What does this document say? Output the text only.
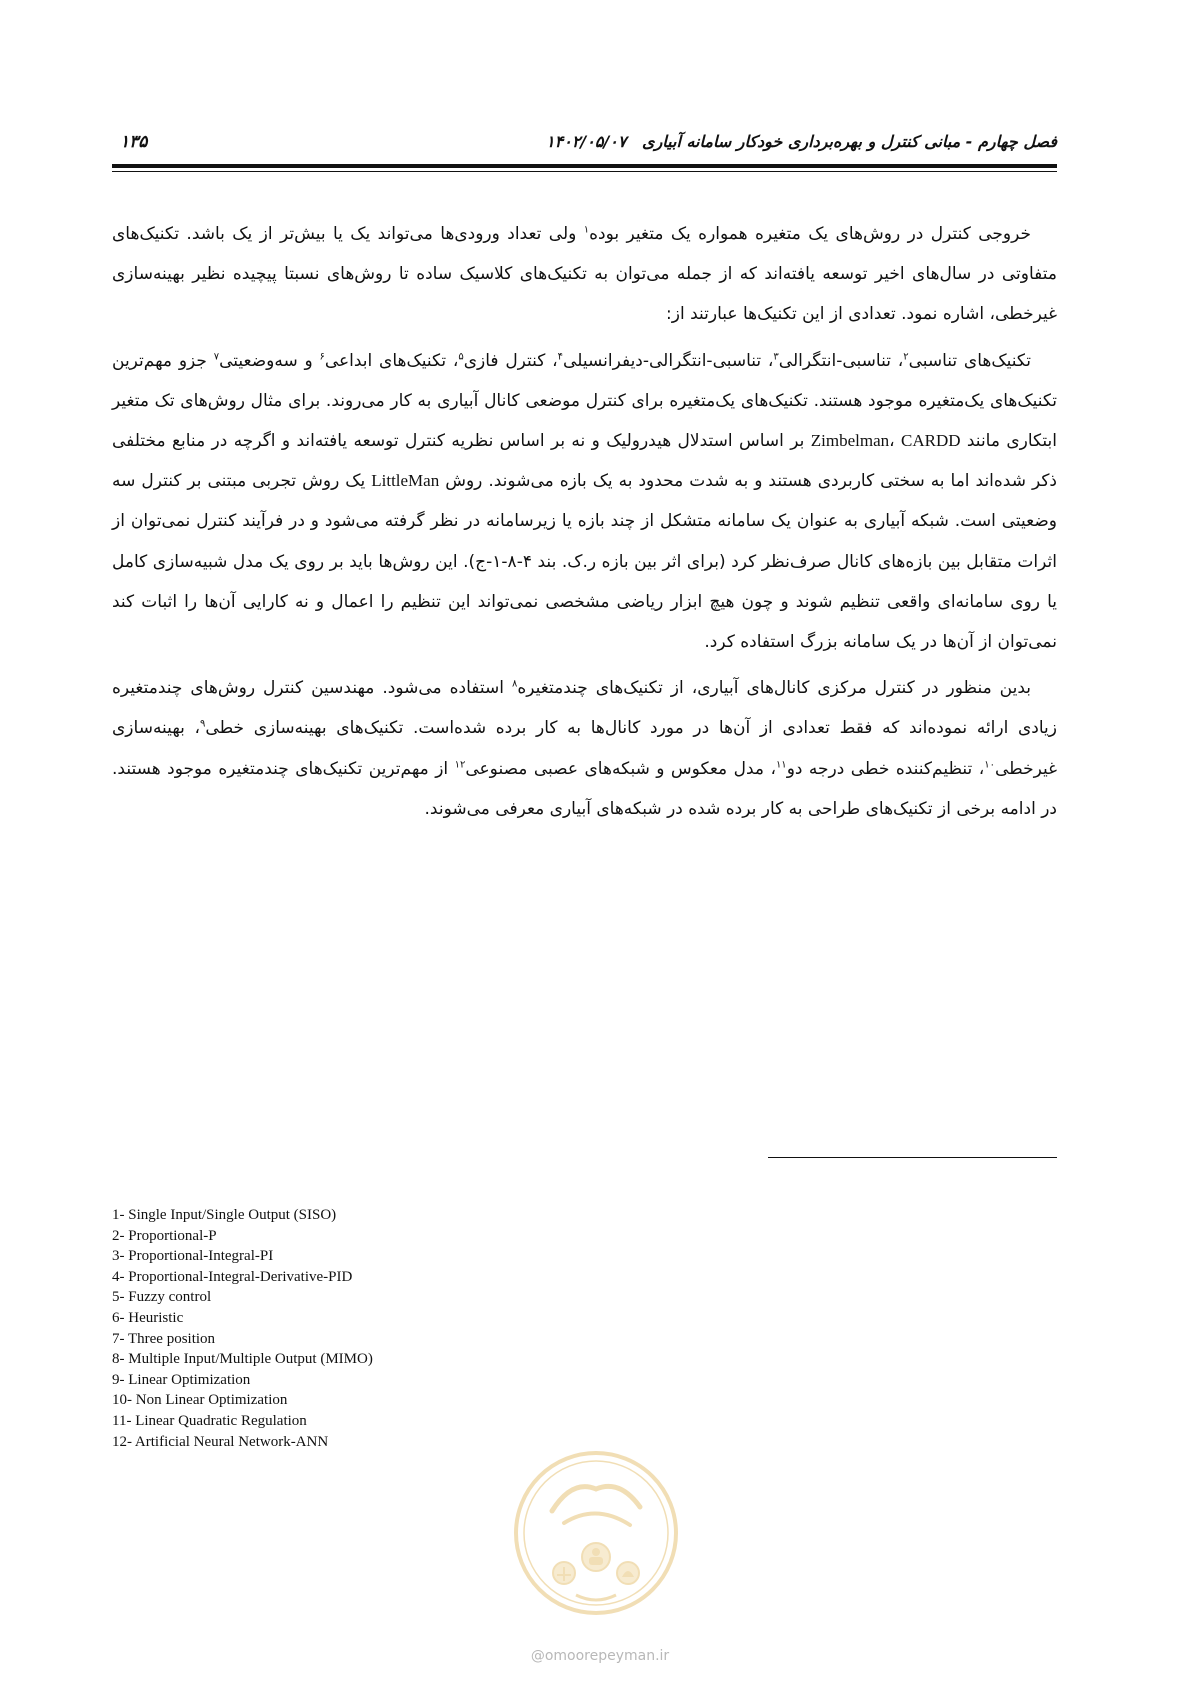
فصل چهارم - مبانی کنترل و بهره‌برداری خودکار سامانه آبیاری ۱۴۰۲/۰۵/۰۷
۱۳۵

خروجی کنترل در روش‌های یک متغیره همواره یک متغیر بوده$^۱$ ولی تعداد ورودی‌ها می‌تواند یک یا بیش‌تر از یک باشد. تکنیک‌های متفاوتی در سال‌های اخیر توسعه یافته‌اند که از جمله می‌توان به تکنیک‌های کلاسیک ساده تا روش‌های نسبتا پیچیده نظیر بهینه‌سازی غیرخطی، اشاره نمود. تعدادی از این تکنیک‌ها عبارتند از:

تکنیک‌های تناسبی$^۲$، تناسبی-انتگرالی$^۳$، تناسبی-انتگرالی-دیفرانسیلی$^۴$، کنترل فازی$^۵$، تکنیک‌های ابداعی$^۶$ و سه‌وضعیتی$^۷$ جزو مهم‌ترین تکنیک‌های یک‌متغیره موجود هستند. تکنیک‌های یک‌متغیره برای کنترل موضعی کانال آبیاری به کار می‌روند. برای مثال روش‌های تک متغیر ابتکاری مانند Zimbelman، CARDD بر اساس استدلال هیدرولیک و نه بر اساس نظریه کنترل توسعه یافته‌اند و اگرچه در منابع مختلفی ذکر شده‌اند اما به سختی کاربردی هستند و به شدت محدود به یک بازه می‌شوند. روش LittleMan یک روش تجربی مبتنی بر کنترل سه وضعیتی است. شبکه آبیاری به عنوان یک سامانه متشکل از چند بازه یا زیرسامانه در نظر گرفته می‌شود و در فرآیند کنترل نمی‌توان از اثرات متقابل بین بازه‌های کانال صرف‌نظر کرد (برای اثر بین بازه ر.ک. بند ۴-۸-۱-ج). این روش‌ها باید بر روی یک مدل شبیه‌سازی کامل یا روی سامانه‌ای واقعی تنظیم شوند و چون هیچ ابزار ریاضی مشخصی نمی‌تواند این تنظیم را اعمال و نه کارایی آن‌ها را اثبات کند نمی‌توان از آن‌ها در یک سامانه بزرگ استفاده کرد.

بدین منظور در کنترل مرکزی کانال‌های آبیاری، از تکنیک‌های چندمتغیره$^۸$ استفاده می‌شود. مهندسین کنترل روش‌های چندمتغیره زیادی ارائه نموده‌اند که فقط تعدادی از آن‌ها در مورد کانال‌ها به کار برده شده‌است. تکنیک‌های بهینه‌سازی خطی$^۹$، بهینه‌سازی غیرخطی$^{۱۰}$، تنظیم‌کننده خطی درجه دو$^{۱۱}$، مدل معکوس و شبکه‌های عصبی مصنوعی$^{۱۲}$ از مهم‌ترین تکنیک‌های چندمتغیره موجود هستند. در ادامه برخی از تکنیک‌های طراحی به کار برده شده در شبکه‌های آبیاری معرفی می‌شوند.

1- Single Input/Single Output (SISO)
2- Proportional-P
3- Proportional-Integral-PI
4- Proportional-Integral-Derivative-PID
5- Fuzzy control
6- Heuristic
7- Three position
8- Multiple Input/Multiple Output (MIMO)
9- Linear Optimization
10- Non Linear Optimization
11- Linear Quadratic Regulation
12- Artificial Neural Network-ANN
@omoorepeyman.ir
